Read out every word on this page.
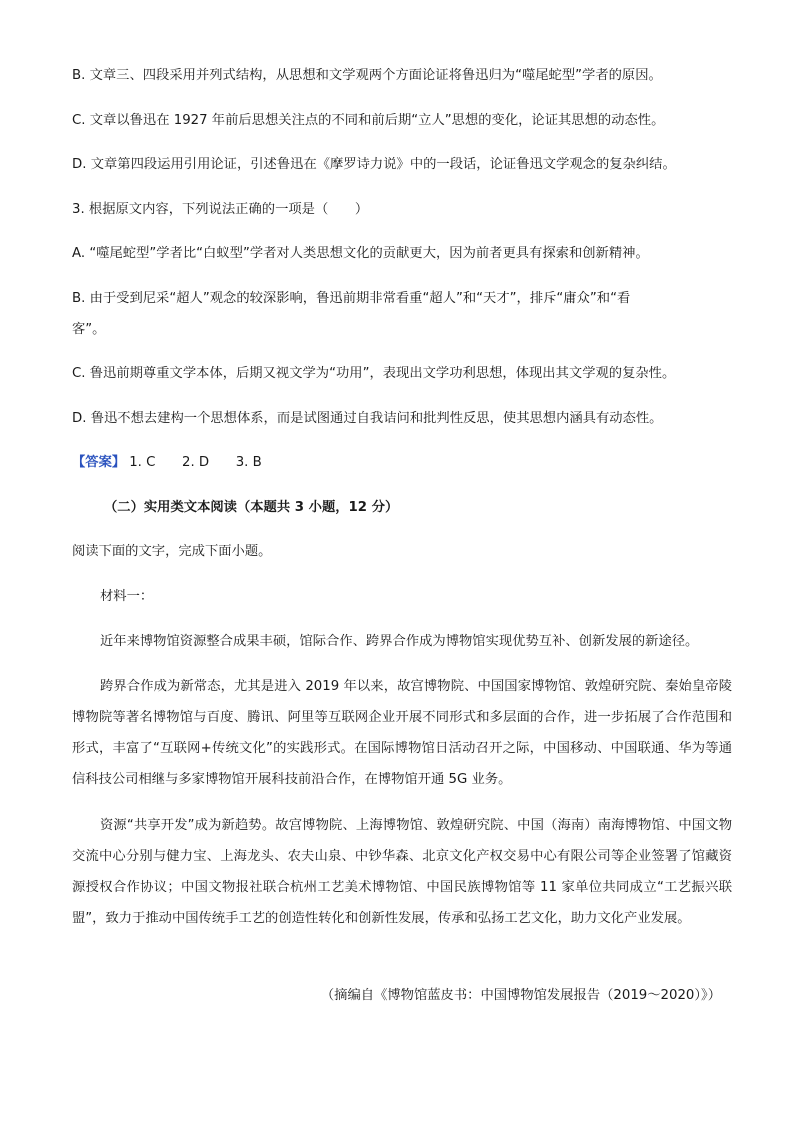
B. 文章三、四段采用并列式结构，从思想和文学观两个方面论证将鲁迅归为“噬尾蛇型”学者的原因。
C. 文章以鲁迅在 1927 年前后思想关注点的不同和前后期“立人”思想的变化，论证其思想的动态性。
D. 文章第四段运用引用论证，引述鲁迅在《摩罗诗力说》中的一段话，论证鲁迅文学观念的复杂纠结。
3. 根据原文内容，下列说法正确的一项是（　　）
A. “噬尾蛇型”学者比“白蚁型”学者对人类思想文化的贡献更大，因为前者更具有探索和创新精神。
B. 由于受到尼采“超人”观念的较深影响，鲁迅前期非常看重“超人”和“天才”，排斥“庸众”和“看
客”。
C. 鲁迅前期尊重文学本体，后期又视文学为“功用”，表现出文学功利思想，体现出其文学观的复杂性。
D. 鲁迅不想去建构一个思想体系，而是试图通过自我诘问和批判性反思，使其思想内涵具有动态性。
【答案】 1. C　　2. D　　3. B
（二）实用类文本阅读（本题共 3 小题，12 分）
阅读下面的文字，完成下面小题。
材料一：
近年来博物馆资源整合成果丰硕，馆际合作、跨界合作成为博物馆实现优势互补、创新发展的新途径。
跨界合作成为新常态，尤其是进入 2019 年以来，故宫博物院、中国国家博物馆、敦煌研究院、秦始皇帝陵博物院等著名博物馆与百度、腾讯、阿里等互联网企业开展不同形式和多层面的合作，进一步拓展了合作范围和形式，丰富了“互联网+传统文化”的实践形式。在国际博物馆日活动召开之际，中国移动、中国联通、华为等通信科技公司相继与多家博物馆开展科技前沿合作，在博物馆开通 5G 业务。
资源“共享开发”成为新趋势。故宫博物院、上海博物馆、敦煌研究院、中国（海南）南海博物馆、中国文物交流中心分别与健力宝、上海龙头、农夫山泉、中钞华森、北京文化产权交易中心有限公司等企业签署了馆藏资源授权合作协议；中国文物报社联合杭州工艺美术博物馆、中国民族博物馆等 11 家单位共同成立“工艺振兴联盟”，致力于推动中国传统手工艺的创造性转化和创新性发展，传承和弘扬工艺文化，助力文化产业发展。
（摘编自《博物馆蓝皮书：中国博物馆发展报告（2019～2020）》）
